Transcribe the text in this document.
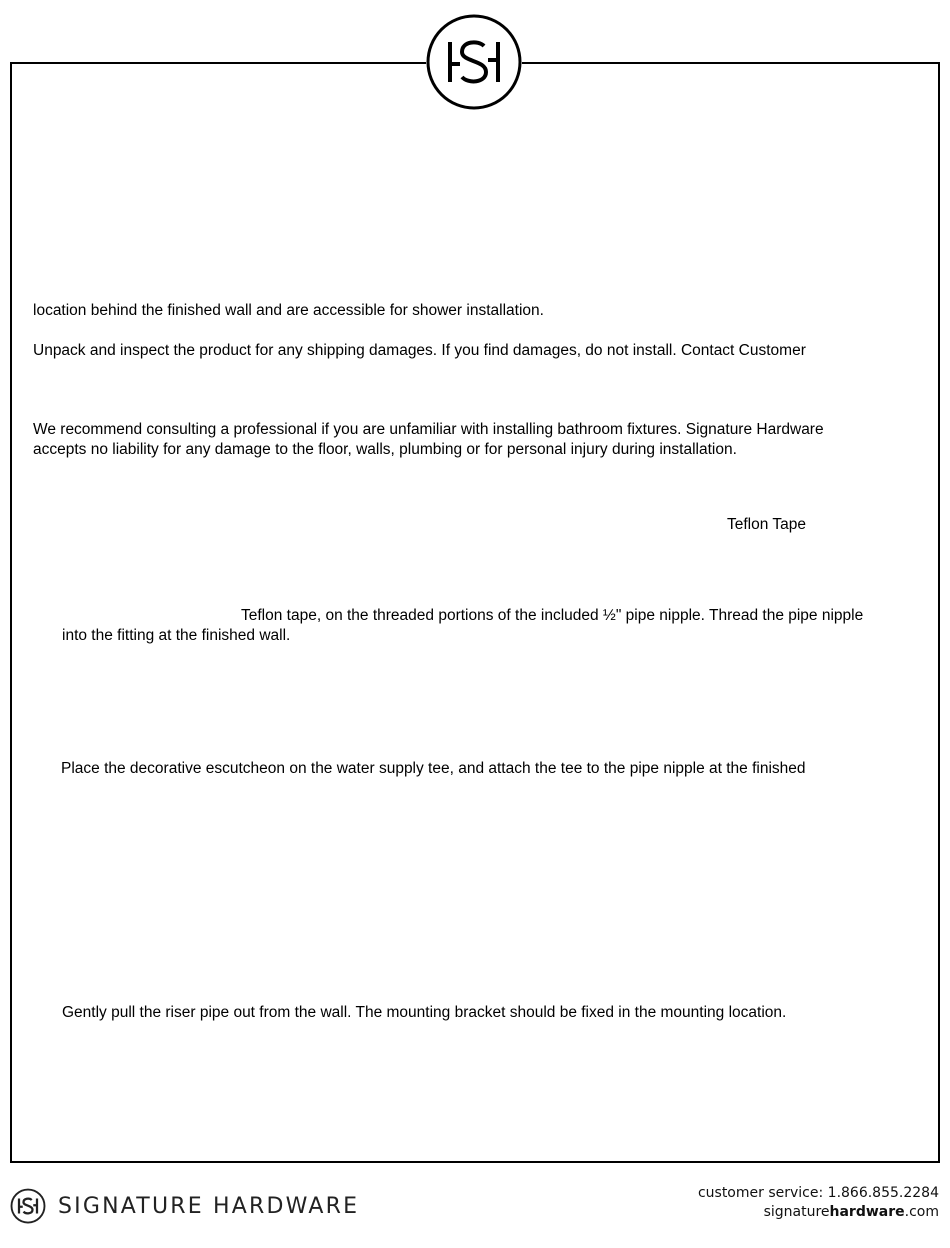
location behind the finished wall and are accessible for shower installation.
Unpack and inspect the product for any shipping damages. If you find damages, do not install. Contact Customer
We recommend consulting a professional if you are unfamiliar with installing bathroom fixtures. Signature Hardware
accepts no liability for any damage to the floor, walls, plumbing or for personal injury during installation.
Teflon Tape
Teflon tape, on the threaded portions of the included ½" pipe nipple. Thread the pipe nipple
into the fitting at the finished wall.
Place the decorative escutcheon on the water supply tee, and attach the tee to the pipe nipple at the finished
Gently pull the riser pipe out from the wall. The mounting bracket should be fixed in the mounting location.
SIGNATURE HARDWARE
customer service: 1.866.855.2284
signaturehardware.com
